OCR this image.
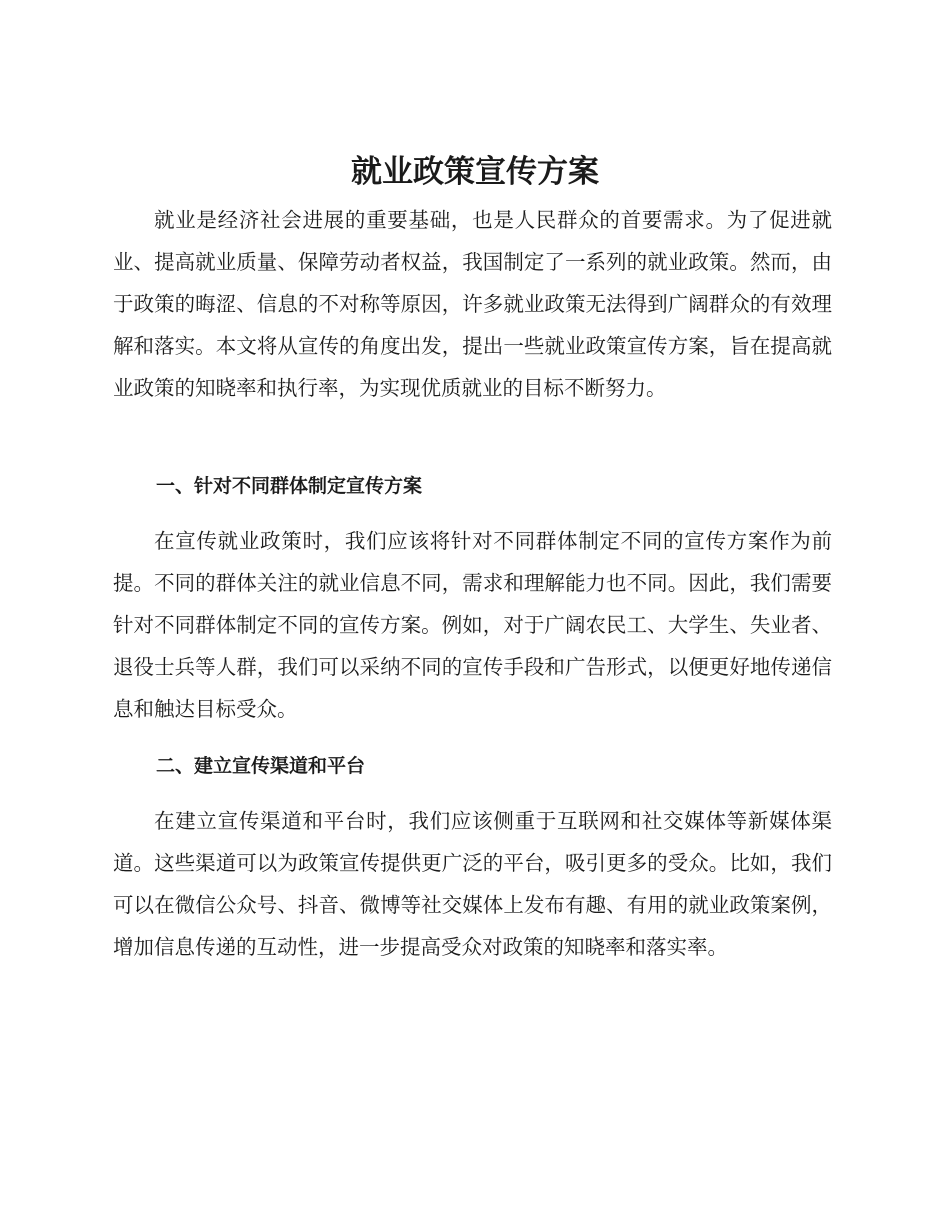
就业政策宣传方案

就业是经济社会进展的重要基础，也是人民群众的首要需求。为了促进就业、提高就业质量、保障劳动者权益，我国制定了一系列的就业政策。然而，由于政策的晦涩、信息的不对称等原因，许多就业政策无法得到广阔群众的有效理解和落实。本文将从宣传的角度出发，提出一些就业政策宣传方案，旨在提高就业政策的知晓率和执行率，为实现优质就业的目标不断努力。

一、针对不同群体制定宣传方案

在宣传就业政策时，我们应该将针对不同群体制定不同的宣传方案作为前提。不同的群体关注的就业信息不同，需求和理解能力也不同。因此，我们需要针对不同群体制定不同的宣传方案。例如，对于广阔农民工、大学生、失业者、退役士兵等人群，我们可以采纳不同的宣传手段和广告形式，以便更好地传递信息和触达目标受众。

二、建立宣传渠道和平台

在建立宣传渠道和平台时，我们应该侧重于互联网和社交媒体等新媒体渠道。这些渠道可以为政策宣传提供更广泛的平台，吸引更多的受众。比如，我们可以在微信公众号、抖音、微博等社交媒体上发布有趣、有用的就业政策案例，增加信息传递的互动性，进一步提高受众对政策的知晓率和落实率。
